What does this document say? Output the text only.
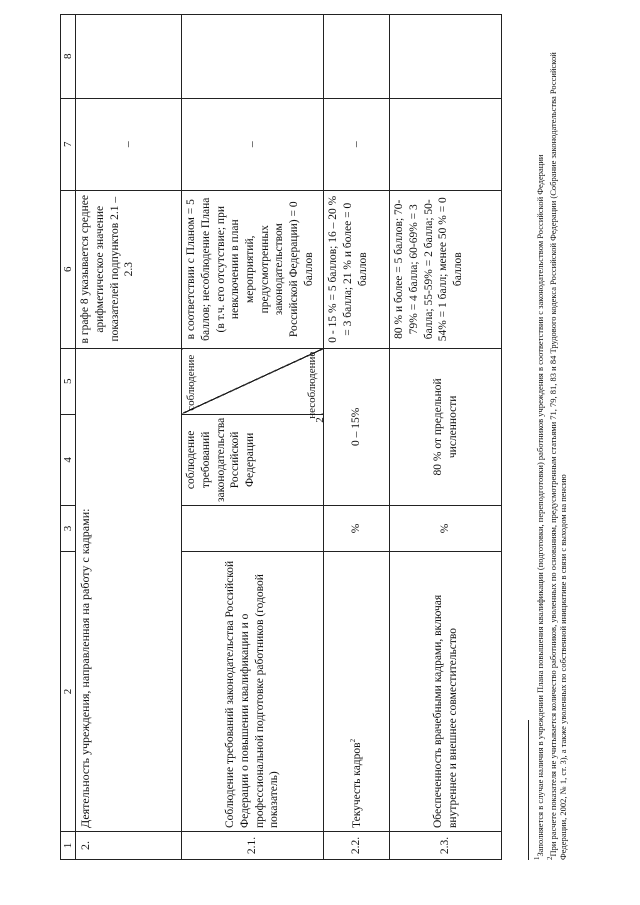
2
1	2	3	4	5	6	7	8
2.	Деятельность учреждения, направленная на работу с кадрами:				в графе 8 указывается среднее арифметическое значение показателей подпунктов 2.1 – 2.3	–	
2.1.	Соблюдение требований законодательства Российской Федерации о повышении квалификации и о профессиональной подготовке работников (годовой показатель)		соблюдение требований законодательства Российской Федерации	соблюдение несоблюдение	в соответствии с Планом = 5 баллов; несоблюдение Плана (в т.ч. его отсутствие; при невключении в план мероприятий, предусмотренных законодательством Российской Федерации) = 0 баллов	–	
2.2.	Текучесть кадров$^2$	%	0 – 15%		0 - 15 % = 5 баллов; 16 – 20 % = 3 балла; 21 % и более = 0 баллов	–	
2.3.	Обеспеченность врачебными кадрами, включая внутреннее и внешнее совместительство	%	80 % от предельной численности		80 % и более = 5 баллов; 70-79% = 4 балла; 60-69% = 3 балла; 55-59% = 2 балла; 50-54% = 1 балл; менее 50 % = 0 баллов		
$^1$Заполняется в случае наличия в учреждении Плана повышения квалификации (подготовки, переподготовки) работников учреждения в соответствии с законодательством Российской Федерации
$^2$При расчете показателя не учитывается количество работников, уволенных по основаниям, предусмотренным статьями 71, 79, 81, 83 и 84 Трудового кодекса Российской Федерации (Собрание законодательства Российской Федерации, 2002, № 1, ст. 3), а также уволенных по собственной инициативе в связи с выходом на пенсию
